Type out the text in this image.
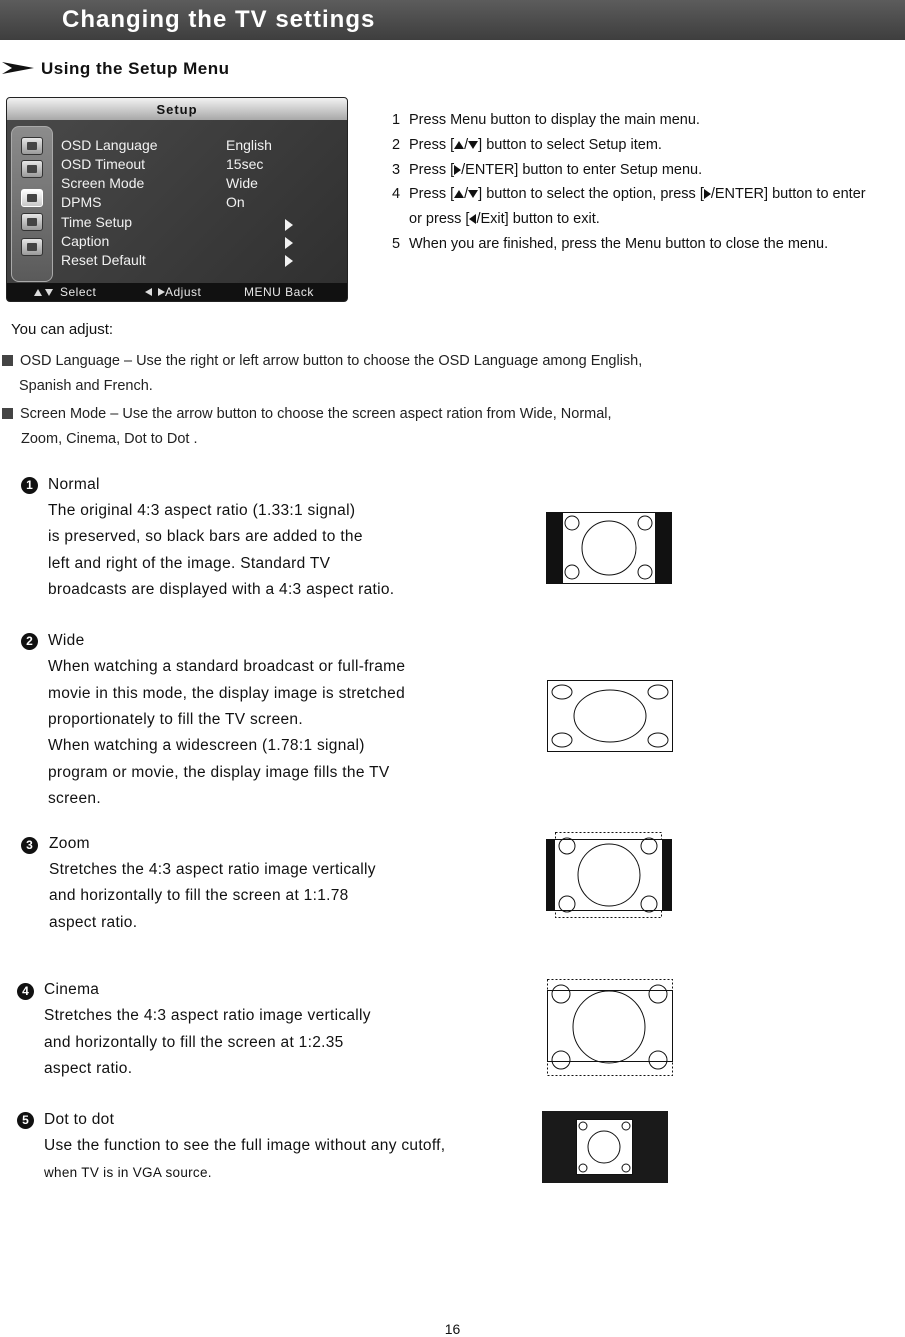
Changing the TV settings
Using the Setup Menu
Setup
OSD Language	English
OSD Timeout	15sec
Screen Mode	Wide
DPMS	On
Time Setup
Caption
Reset Default
Select	Adjust	MENU Back
1 Press Menu button to display the main menu.
2 Press [ / ] button to select Setup item.
3 Press [ /ENTER] button to enter Setup menu.
4 Press [ / ] button to select the option, press [ /ENTER] button to enter
or press [ /Exit] button to exit.
5 When you are finished, press the Menu button to close the menu.
You can adjust:
OSD Language – Use the right or left arrow button to choose the OSD Language among English,
Spanish and French.
Screen Mode – Use the arrow button to choose the screen aspect ration from Wide, Normal,
Zoom, Cinema, Dot to Dot .
1 Normal
The original 4:3 aspect ratio (1.33:1 signal)
is preserved, so black bars are added to the
left and right of the image. Standard TV
broadcasts are displayed with a 4:3 aspect ratio.
2 Wide
When watching a standard broadcast or full-frame
movie in this mode, the display image is stretched
proportionately to fill the TV screen.
When watching a widescreen (1.78:1 signal)
program or movie, the display image fills the TV
screen.
3	Zoom
Stretches the 4:3 aspect ratio image vertically
and horizontally to fill the screen at 1:1.78
aspect ratio.
4 Cinema
Stretches the 4:3 aspect ratio image vertically
and horizontally to fill the screen at 1:2.35
aspect ratio.
5 Dot to dot
Use the function to see the full image without any cutoff,
when TV is in VGA source.
16
